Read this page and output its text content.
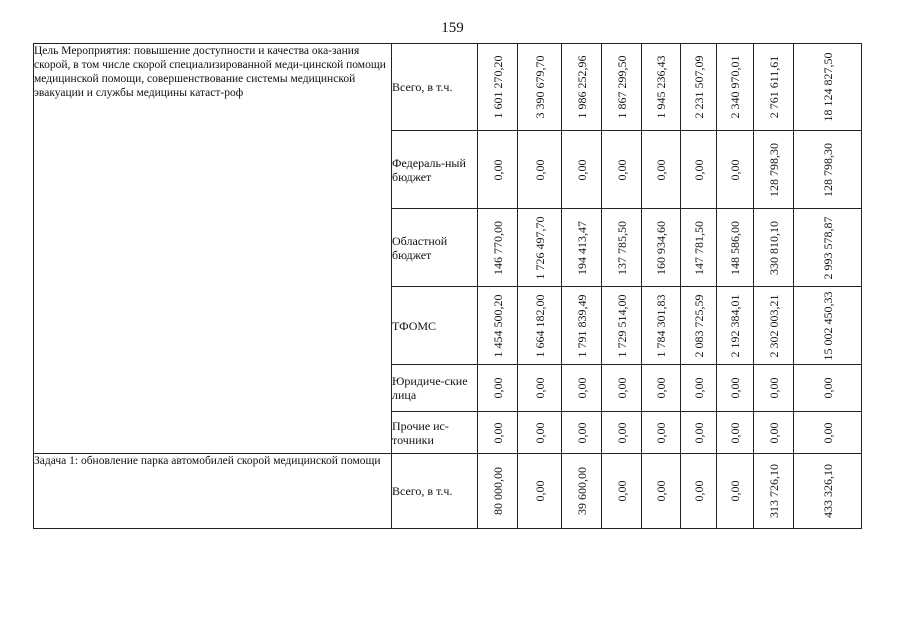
159
Цель Мероприятия: повышение доступности и качества ока-зания скорой, в том числе скорой специализированной меди-цинской помощи медицинской помощи, совершенствование системы медицинской эвакуации и службы медицины катаст-роф	Всего, в т.ч.	1 601 270,20	3 390 679,70	1 986 252,96	1 867 299,50	1 945 236,43	2 231 507,09	2 340 970,01	2 761 611,61	18 124 827,50

	Федераль-ный бюджет	0,00	0,00	0,00	0,00	0,00	0,00	0,00	128 798,30	128 798,30

	Областной бюджет	146 770,00	1 726 497,70	194 413,47	137 785,50	160 934,60	147 781,50	148 586,00	330 810,10	2 993 578,87

	ТФОМС	1 454 500,20	1 664 182,00	1 791 839,49	1 729 514,00	1 784 301,83	2 083 725,59	2 192 384,01	2 302 003,21	15 002 450,33

	Юридиче-ские лица	0,00	0,00	0,00	0,00	0,00	0,00	0,00	0,00	0,00

	Прочие ис-точники	0,00	0,00	0,00	0,00	0,00	0,00	0,00	0,00	0,00

Задача 1: обновление парка автомобилей скорой медицинской помощи	Всего, в т.ч.	80 000,00	0,00	39 600,00	0,00	0,00	0,00	0,00	313 726,10	433 326,10
